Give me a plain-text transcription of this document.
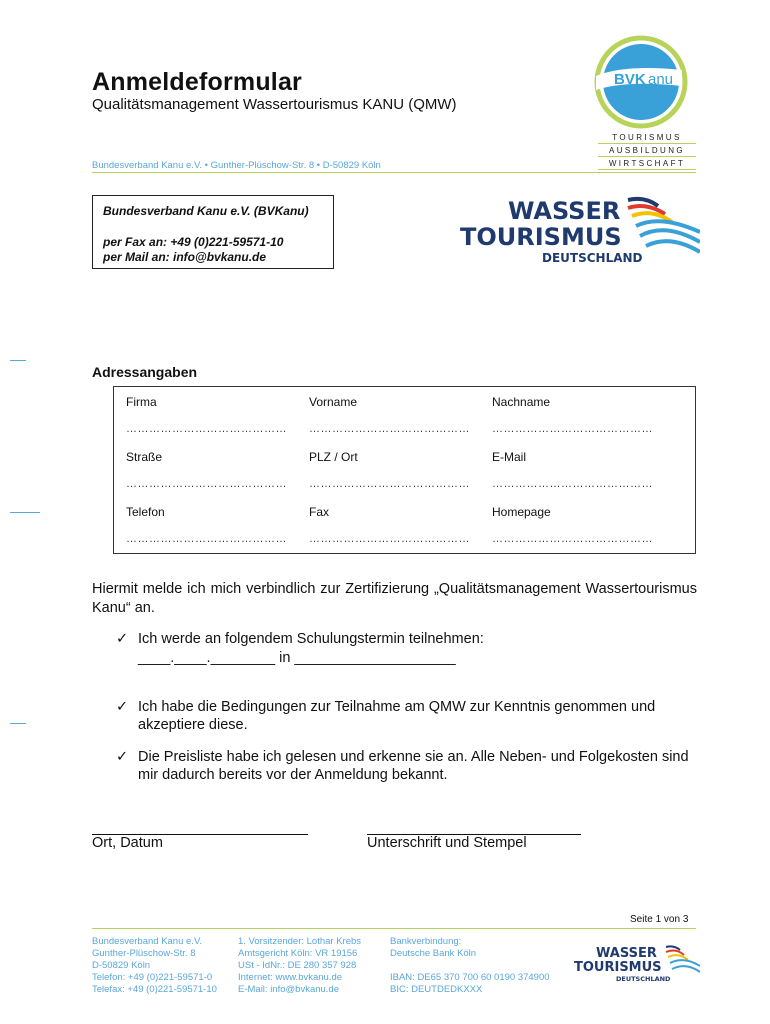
Anmeldeformular
Qualitätsmanagement Wassertourismus KANU (QMW)
Bundesverband Kanu e.V. • Gunther-Plüschow-Str. 8 • D-50829 Köln
BVK anu
TOURISMUS
AUSBILDUNG
WIRTSCHAFT
Bundesverband Kanu e.V. (BVKanu)
per Fax an: +49 (0)221-59571-10
per Mail an: info@bvkanu.de
WASSER
TOURISMUS
DEUTSCHLAND
Adressangaben
Firma	Vorname	Nachname
…………………………………… …………………………………… ……………………………………
Straße	PLZ / Ort	E-Mail
…………………………………… …………………………………… ……………………………………
Telefon	Fax	Homepage
…………………………………… …………………………………… ……………………………………
Hiermit melde ich mich verbindlich zur Zertifizierung „Qualitätsmanagement Wassertourismus Kanu“ an.
✓ Ich werde an folgendem Schulungstermin teilnehmen:
____.____.________ in ____________________
✓ Ich habe die Bedingungen zur Teilnahme am QMW zur Kenntnis genommen und akzeptiere diese.
✓ Die Preisliste habe ich gelesen und erkenne sie an. Alle Neben- und Folgekosten sind mir dadurch bereits vor der Anmeldung bekannt.
Ort, Datum	Unterschrift und Stempel
Seite 1 von 3
Bundesverband Kanu e.V.
Gunther-Plüschow-Str. 8
D-50829 Köln
Telefon: +49 (0)221-59571-0
Telefax: +49 (0)221-59571-10
1. Vorsitzender: Lothar Krebs
Amtsgericht Köln: VR 19156
USt - IdNr.: DE 280 357 928
Internet: www.bvkanu.de
E-Mail: info@bvkanu.de
Bankverbindung:
Deutsche Bank Köln
IBAN: DE65 370 700 60 0190 374900
BIC: DEUTDEDKXXX
WASSER
TOURISMUS
DEUTSCHLAND
